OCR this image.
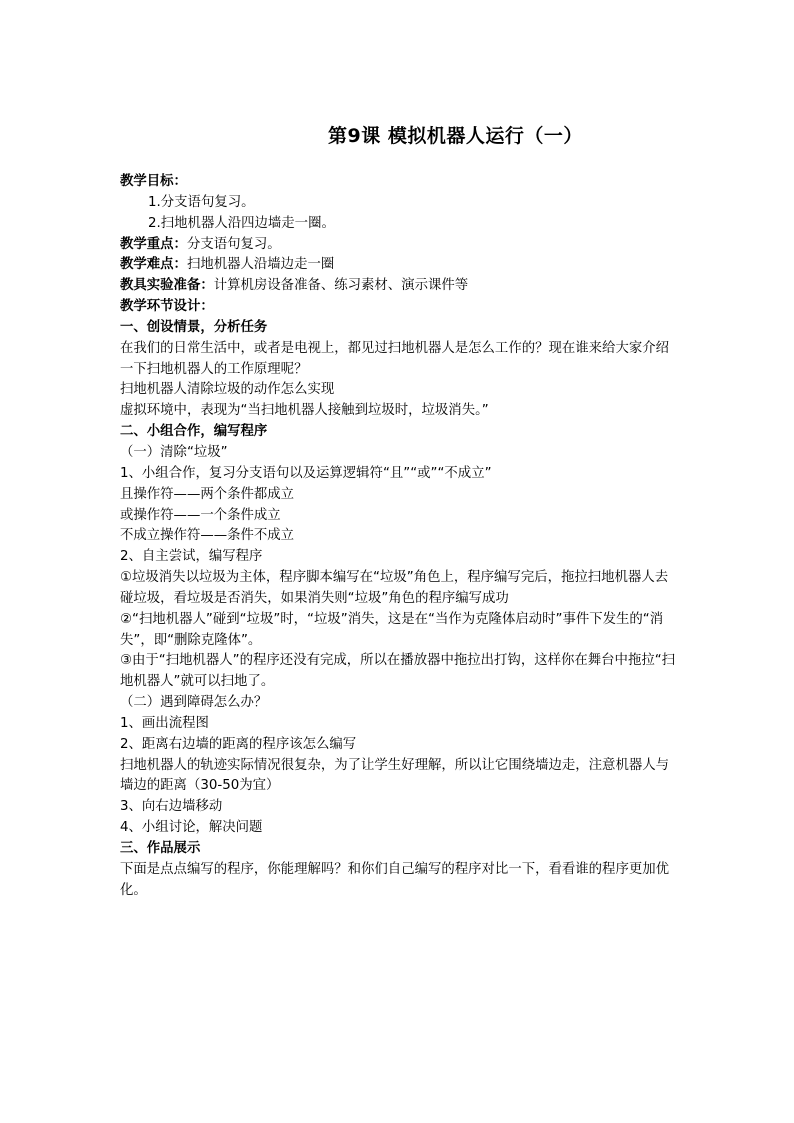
第9课 模拟机器人运行（一）

教学目标：

1.分支语句复习。

2.扫地机器人沿四边墙走一圈。

教学重点：分支语句复习。

教学难点：扫地机器人沿墙边走一圈

教具实验准备：计算机房设备准备、练习素材、演示课件等

教学环节设计：

一、创设情景，分析任务

在我们的日常生活中，或者是电视上，都见过扫地机器人是怎么工作的？现在谁来给大家介绍一下扫地机器人的工作原理呢？

扫地机器人清除垃圾的动作怎么实现

虚拟环境中，表现为“当扫地机器人接触到垃圾时，垃圾消失。”

二、小组合作，编写程序

（一）清除“垃圾”

1、小组合作，复习分支语句以及运算逻辑符“且”“或”“不成立”

且操作符——两个条件都成立

或操作符——一个条件成立

不成立操作符——条件不成立

2、自主尝试，编写程序

①垃圾消失以垃圾为主体，程序脚本编写在“垃圾”角色上，程序编写完后，拖拉扫地机器人去碰垃圾，看垃圾是否消失，如果消失则“垃圾”角色的程序编写成功

②“扫地机器人”碰到“垃圾”时，“垃圾”消失，这是在“当作为克隆体启动时”事件下发生的“消失”，即“删除克隆体”。

③由于“扫地机器人”的程序还没有完成，所以在播放器中拖拉出打钩，这样你在舞台中拖拉“扫地机器人”就可以扫地了。

（二）遇到障碍怎么办？

1、画出流程图

2、距离右边墙的距离的程序该怎么编写

扫地机器人的轨迹实际情况很复杂，为了让学生好理解，所以让它围绕墙边走，注意机器人与墙边的距离（30-50为宜）

3、向右边墙移动

4、小组讨论，解决问题

三、作品展示

下面是点点编写的程序，你能理解吗？和你们自己编写的程序对比一下，看看谁的程序更加优化。
